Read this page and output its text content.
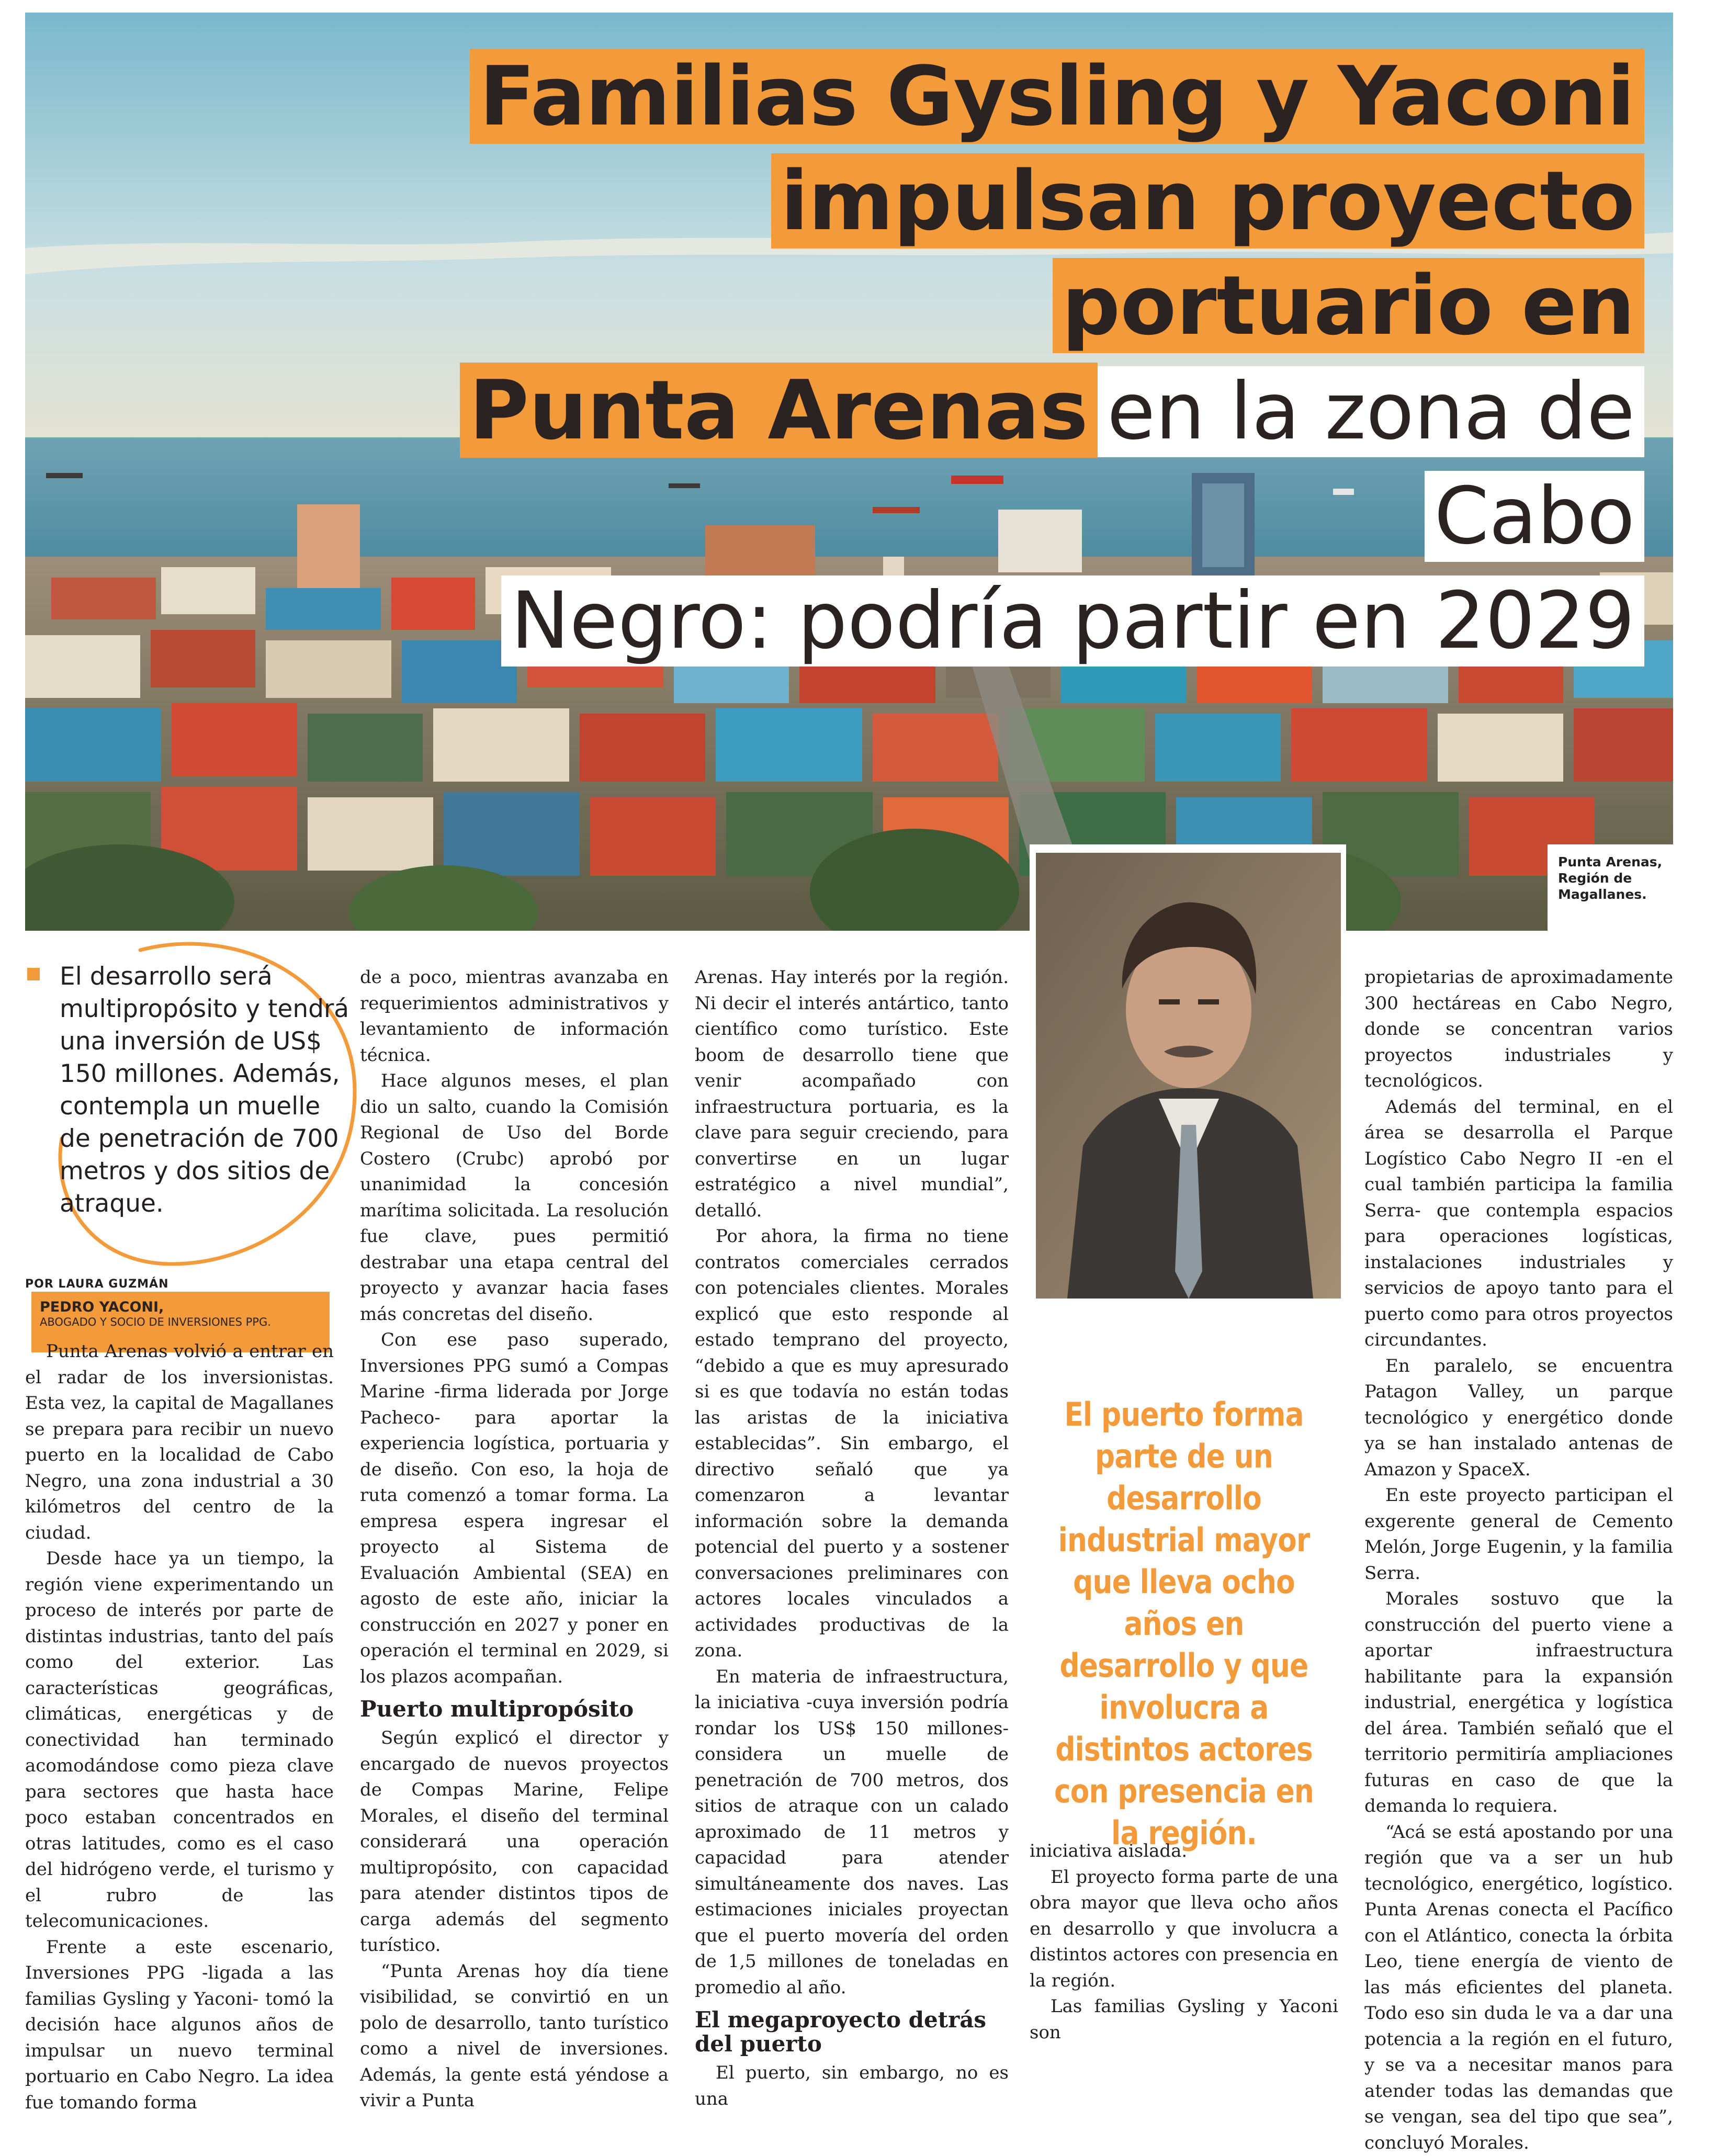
Familias Gysling y Yaconi
impulsan proyecto portuario en
Punta Arenas en la zona de Cabo
Negro: podría partir en 2029
Punta Arenas, Región de Magallanes.
PEDRO YACONI,
ABOGADO Y SOCIO DE INVERSIONES PPG.
El desarrollo será multipropósito y tendrá una inversión de US$ 150 millones. Además, contempla un muelle de penetración de 700 metros y dos sitios de atraque.
POR LAURA GUZMÁN

Punta Arenas volvió a entrar en el radar de los inversionistas. Esta vez, la capital de Magallanes se prepara para recibir un nuevo puerto en la localidad de Cabo Negro, una zona industrial a 30 kilómetros del centro de la ciudad.

Desde hace ya un tiempo, la región viene experimentando un proceso de interés por parte de distintas industrias, tanto del país como del exterior. Las características geográficas, climáticas, energéticas y de conectividad han terminado acomodándose como pieza clave para sectores que hasta hace poco estaban concentrados en otras latitudes, como es el caso del hidrógeno verde, el turismo y el rubro de las telecomunicaciones.

Frente a este escenario, Inversiones PPG -ligada a las familias Gysling y Yaconi- tomó la decisión hace algunos años de impulsar un nuevo terminal portuario en Cabo Negro. La idea fue tomando forma

de a poco, mientras avanzaba en requerimientos administrativos y levantamiento de información técnica.

Hace algunos meses, el plan dio un salto, cuando la Comisión Regional de Uso del Borde Costero (Crubc) aprobó por unanimidad la concesión marítima solicitada. La resolución fue clave, pues permitió destrabar una etapa central del proyecto y avanzar hacia fases más concretas del diseño.

Con ese paso superado, Inversiones PPG sumó a Compas Marine -firma liderada por Jorge Pacheco- para aportar la experiencia logística, portuaria y de diseño. Con eso, la hoja de ruta comenzó a tomar forma. La empresa espera ingresar el proyecto al Sistema de Evaluación Ambiental (SEA) en agosto de este año, iniciar la construcción en 2027 y poner en operación el terminal en 2029, si los plazos acompañan.

Puerto multipropósito

Según explicó el director y encargado de nuevos proyectos de Compas Marine, Felipe Morales, el diseño del terminal considerará una operación multipropósito, con capacidad para atender distintos tipos de carga además del segmento turístico.

“Punta Arenas hoy día tiene visibilidad, se convirtió en un polo de desarrollo, tanto turístico como a nivel de inversiones. Además, la gente está yéndose a vivir a Punta

Arenas. Hay interés por la región. Ni decir el interés antártico, tanto científico como turístico. Este boom de desarrollo tiene que venir acompañado con infraestructura portuaria, es la clave para seguir creciendo, para convertirse en un lugar estratégico a nivel mundial”, detalló.

Por ahora, la firma no tiene contratos comerciales cerrados con potenciales clientes. Morales explicó que esto responde al estado temprano del proyecto, “debido a que es muy apresurado si es que todavía no están todas las aristas de la iniciativa establecidas”. Sin embargo, el directivo señaló que ya comenzaron a levantar información sobre la demanda potencial del puerto y a sostener conversaciones preliminares con actores locales vinculados a actividades productivas de la zona.

En materia de infraestructura, la iniciativa -cuya inversión podría rondar los US$ 150 millones- considera un muelle de penetración de 700 metros, dos sitios de atraque con un calado aproximado de 11 metros y capacidad para atender simultáneamente dos naves. Las estimaciones iniciales proyectan que el puerto movería del orden de 1,5 millones de toneladas en promedio al año.

El megaproyecto detrás del puerto

El puerto, sin embargo, no es una

El puerto forma parte de un desarrollo industrial mayor que lleva ocho años en desarrollo y que involucra a distintos actores con presencia en la región.

iniciativa aislada.

El proyecto forma parte de una obra mayor que lleva ocho años en desarrollo y que involucra a distintos actores con presencia en la región.

Las familias Gysling y Yaconi son

propietarias de aproximadamente 300 hectáreas en Cabo Negro, donde se concentran varios proyectos industriales y tecnológicos.

Además del terminal, en el área se desarrolla el Parque Logístico Cabo Negro II -en el cual también participa la familia Serra- que contempla espacios para operaciones logísticas, instalaciones industriales y servicios de apoyo tanto para el puerto como para otros proyectos circundantes.

En paralelo, se encuentra Patagon Valley, un parque tecnológico y energético donde ya se han instalado antenas de Amazon y SpaceX.

En este proyecto participan el exgerente general de Cemento Melón, Jorge Eugenin, y la familia Serra.

Morales sostuvo que la construcción del puerto viene a aportar infraestructura habilitante para la expansión industrial, energética y logística del área. También señaló que el territorio permitiría ampliaciones futuras en caso de que la demanda lo requiera.

“Acá se está apostando por una región que va a ser un hub tecnológico, energético, logístico. Punta Arenas conecta el Pacífico con el Atlántico, conecta la órbita Leo, tiene energía de viento de las más eficientes del planeta. Todo eso sin duda le va a dar una potencia a la región en el futuro, y se va a necesitar manos para atender todas las demandas que se vengan, sea del tipo que sea”, concluyó Morales.
